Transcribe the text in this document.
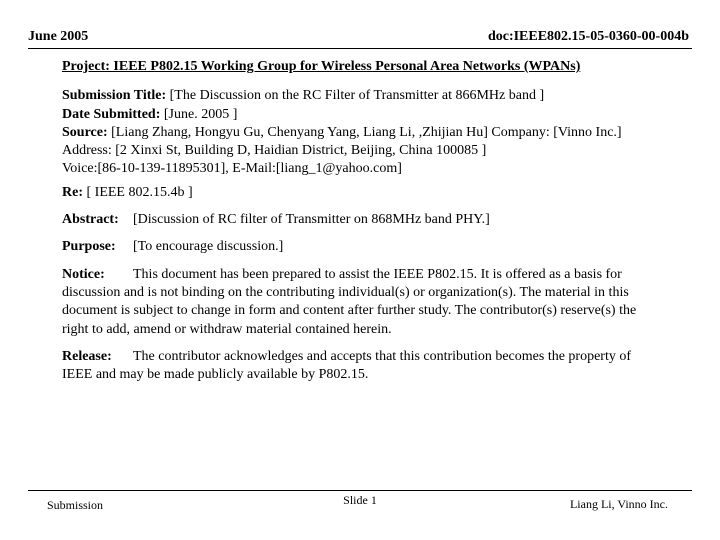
June 2005	doc:IEEE802.15-05-0360-00-004b

Project: IEEE P802.15 Working Group for Wireless Personal Area Networks (WPANs)

Submission Title: [The Discussion on the RC Filter of Transmitter at 866MHz band ]

Date Submitted: [June. 2005 ]

Source: [Liang Zhang, Hongyu Gu, Chenyang Yang, Liang Li, ,Zhijian Hu] Company: [Vinno Inc.]

Address: [2 Xinxi St, Building D, Haidian District, Beijing, China 100085 ]

Voice:[86-10-139-11895301], E-Mail:[liang_1@yahoo.com]

Re: [ IEEE 802.15.4b ]

Abstract: [Discussion of RC filter of Transmitter on 868MHz band PHY.]

Purpose: [To encourage discussion.]

Notice: This document has been prepared to assist the IEEE P802.15. It is offered as a basis for

discussion and is not binding on the contributing individual(s) or organization(s). The material in this

document is subject to change in form and content after further study. The contributor(s) reserve(s) the

right to add, amend or withdraw material contained herein.

Release: The contributor acknowledges and accepts that this contribution becomes the property of

IEEE and may be made publicly available by P802.15.

Submission	Slide 1	Liang Li, Vinno Inc.
